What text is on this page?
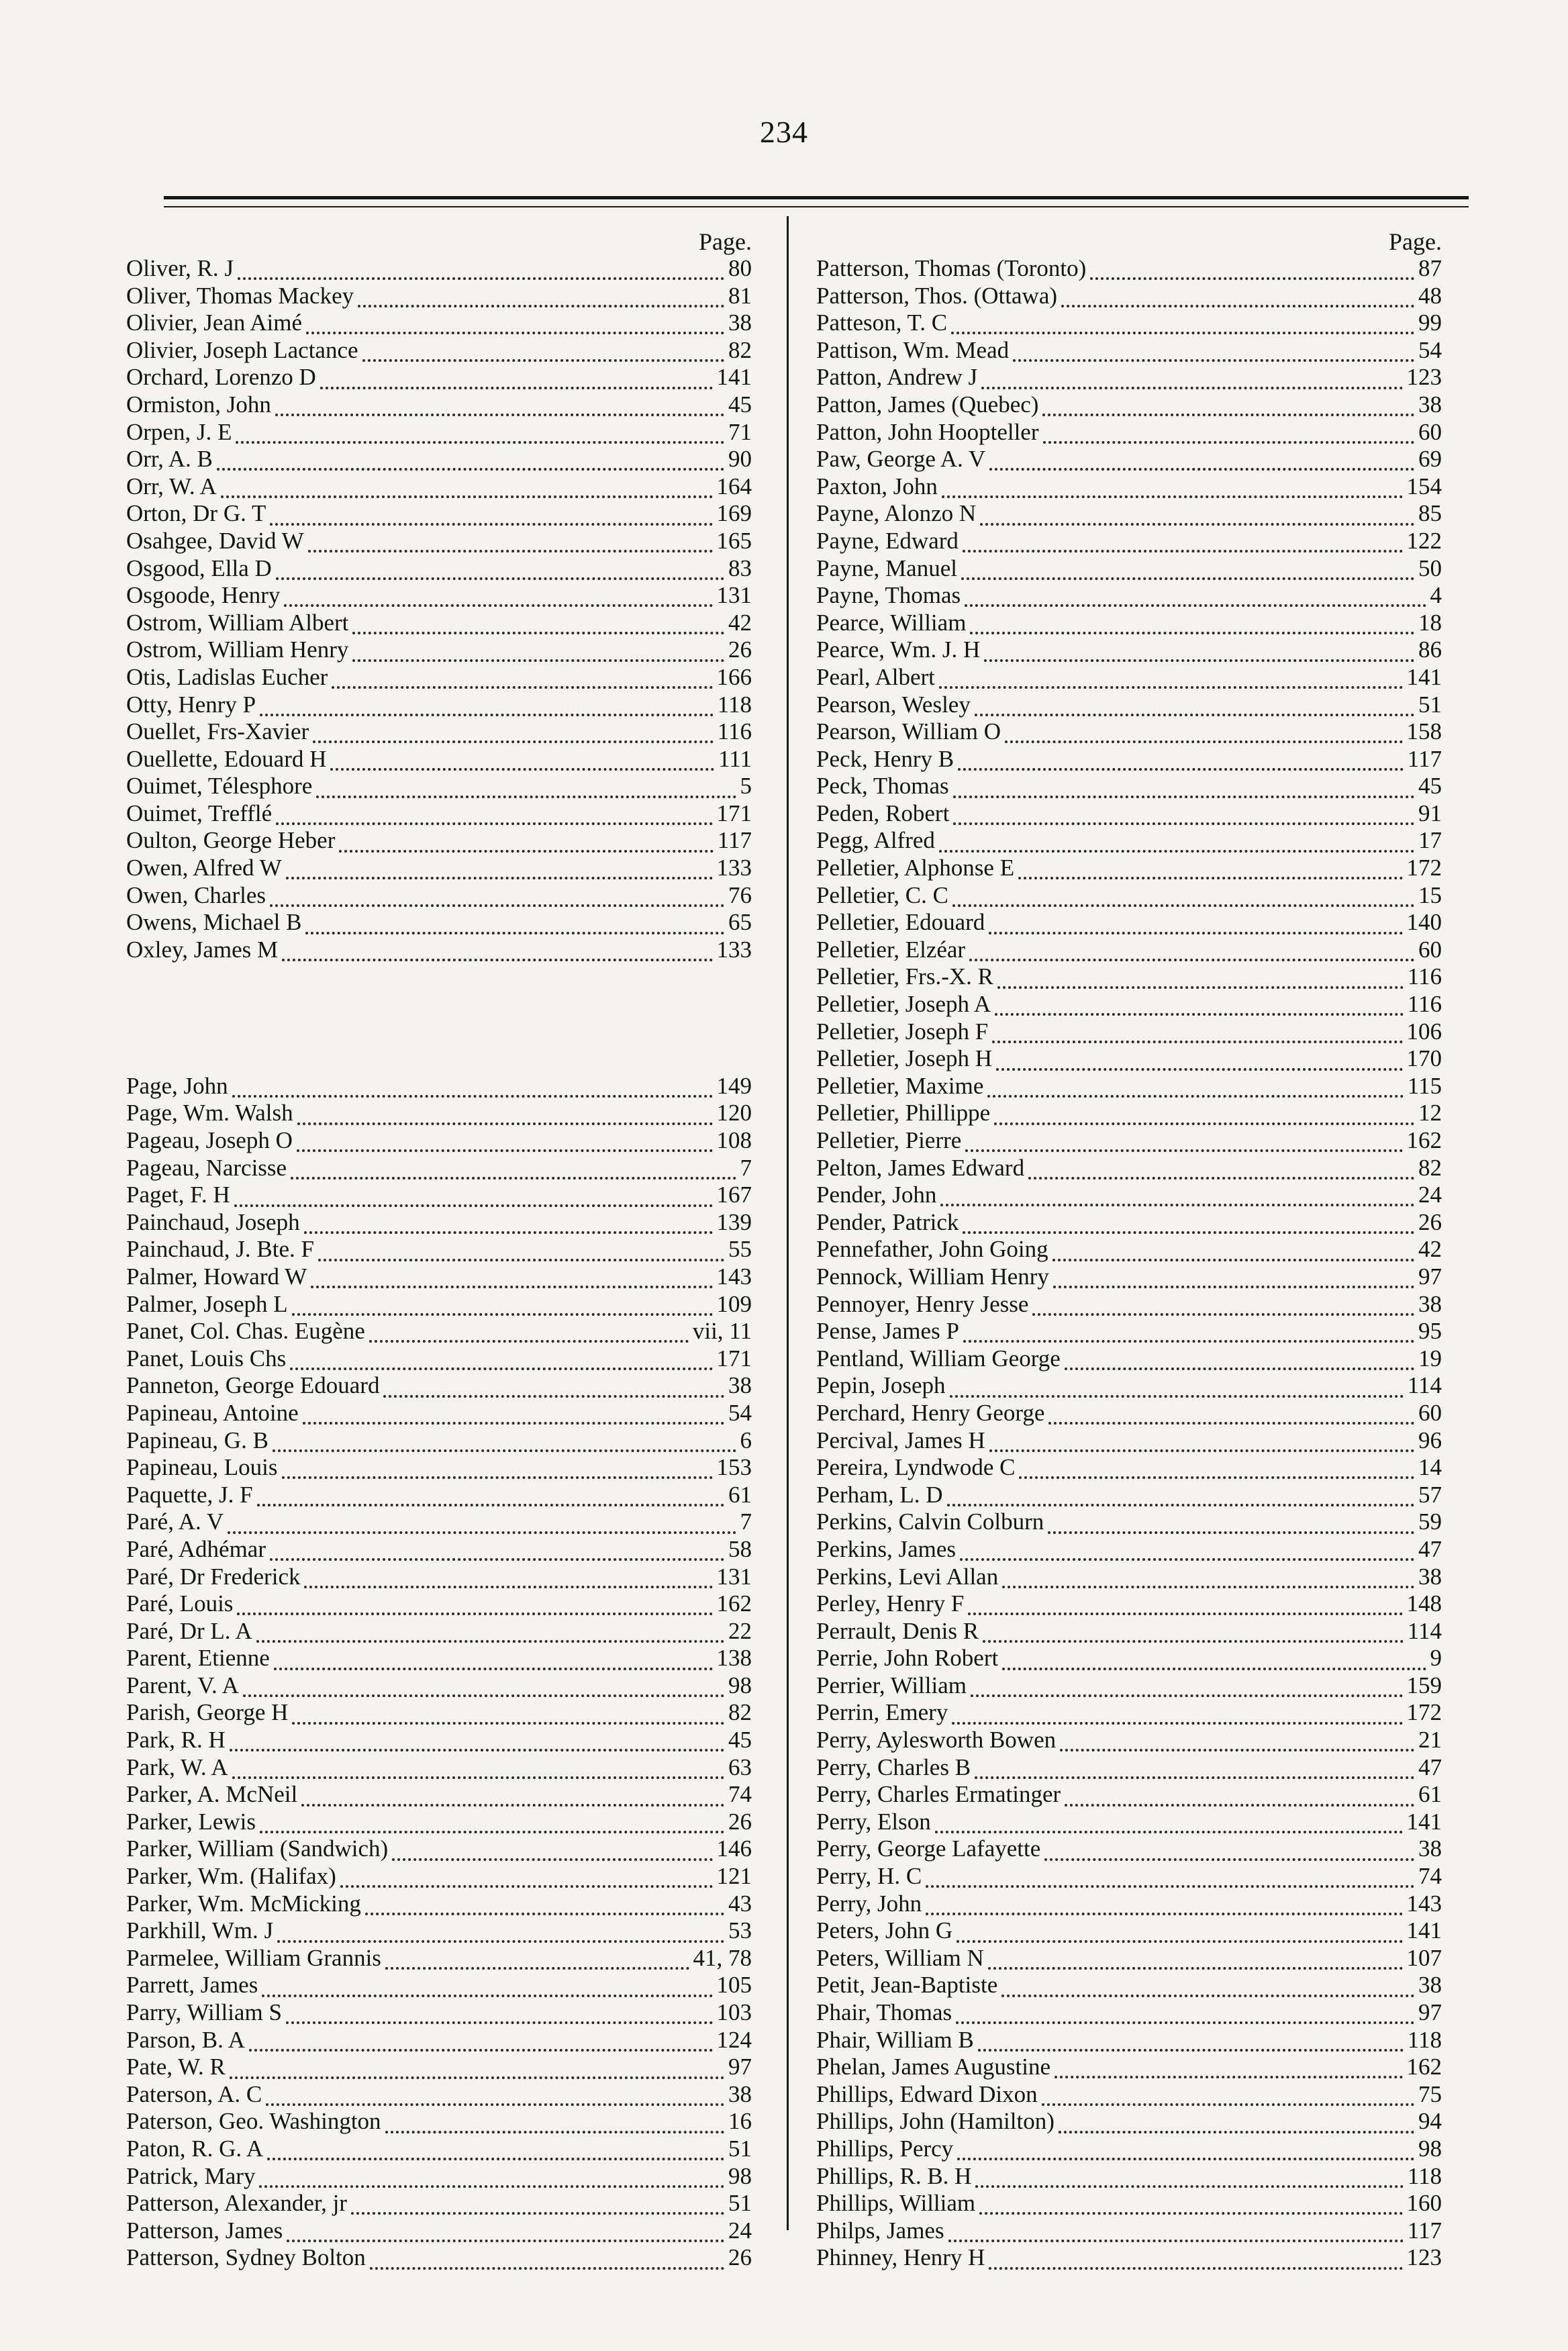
234
Page.
Oliver, R. J	80
Oliver, Thomas Mackey	81
Olivier, Jean Aimé	38
Olivier, Joseph Lactance	82
Orchard, Lorenzo D	141
Ormiston, John	45
Orpen, J. E	71
Orr, A. B	90
Orr, W. A	164
Orton, Dr G. T	169
Osahgee, David W	165
Osgood, Ella D	83
Osgoode, Henry	131
Ostrom, William Albert	42
Ostrom, William Henry	26
Otis, Ladislas Eucher	166
Otty, Henry P	118
Ouellet, Frs-Xavier	116
Ouellette, Edouard H	111
Ouimet, Télesphore	5
Ouimet, Trefflé	171
Oulton, George Heber	117
Owen, Alfred W	133
Owen, Charles	76
Owens, Michael B	65
Oxley, James M	133
Page, John	149
Page, Wm. Walsh	120
Pageau, Joseph O	108
Pageau, Narcisse	7
Paget, F. H	167
Painchaud, Joseph	139
Painchaud, J. Bte. F	55
Palmer, Howard W	143
Palmer, Joseph L	109
Panet, Col. Chas. Eugène	vii, 11
Panet, Louis Chs	171
Panneton, George Edouard	38
Papineau, Antoine	54
Papineau, G. B	6
Papineau, Louis	153
Paquette, J. F	61
Paré, A. V	7
Paré, Adhémar	58
Paré, Dr Frederick	131
Paré, Louis	162
Paré, Dr L. A	22
Parent, Etienne	138
Parent, V. A	98
Parish, George H	82
Park, R. H	45
Park, W. A	63
Parker, A. McNeil	74
Parker, Lewis	26
Parker, William (Sandwich)	146
Parker, Wm. (Halifax)	121
Parker, Wm. McMicking	43
Parkhill, Wm. J	53
Parmelee, William Grannis	41, 78
Parrett, James	105
Parry, William S	103
Parson, B. A	124
Pate, W. R	97
Paterson, A. C	38
Paterson, Geo. Washington	16
Paton, R. G. A	51
Patrick, Mary	98
Patterson, Alexander, jr	51
Patterson, James	24
Patterson, Sydney Bolton	26
Page.
Patterson, Thomas (Toronto)	87
Patterson, Thos. (Ottawa)	48
Patteson, T. C	99
Pattison, Wm. Mead	54
Patton, Andrew J	123
Patton, James (Quebec)	38
Patton, John Hoopteller	60
Paw, George A. V	69
Paxton, John	154
Payne, Alonzo N	85
Payne, Edward	122
Payne, Manuel	50
Payne, Thomas	4
Pearce, William	18
Pearce, Wm. J. H	86
Pearl, Albert	141
Pearson, Wesley	51
Pearson, William O	158
Peck, Henry B	117
Peck, Thomas	45
Peden, Robert	91
Pegg, Alfred	17
Pelletier, Alphonse E	172
Pelletier, C. C	15
Pelletier, Edouard	140
Pelletier, Elzéar	60
Pelletier, Frs.-X. R	116
Pelletier, Joseph A	116
Pelletier, Joseph F	106
Pelletier, Joseph H	170
Pelletier, Maxime	115
Pelletier, Phillippe	12
Pelletier, Pierre	162
Pelton, James Edward	82
Pender, John	24
Pender, Patrick	26
Pennefather, John Going	42
Pennock, William Henry	97
Pennoyer, Henry Jesse	38
Pense, James P	95
Pentland, William George	19
Pepin, Joseph	114
Perchard, Henry George	60
Percival, James H	96
Pereira, Lyndwode C	14
Perham, L. D	57
Perkins, Calvin Colburn	59
Perkins, James	47
Perkins, Levi Allan	38
Perley, Henry F	148
Perrault, Denis R	114
Perrie, John Robert	9
Perrier, William	159
Perrin, Emery	172
Perry, Aylesworth Bowen	21
Perry, Charles B	47
Perry, Charles Ermatinger	61
Perry, Elson	141
Perry, George Lafayette	38
Perry, H. C	74
Perry, John	143
Peters, John G	141
Peters, William N	107
Petit, Jean-Baptiste	38
Phair, Thomas	97
Phair, William B	118
Phelan, James Augustine	162
Phillips, Edward Dixon	75
Phillips, John (Hamilton)	94
Phillips, Percy	98
Phillips, R. B. H	118
Phillips, William	160
Philps, James	117
Phinney, Henry H	123
